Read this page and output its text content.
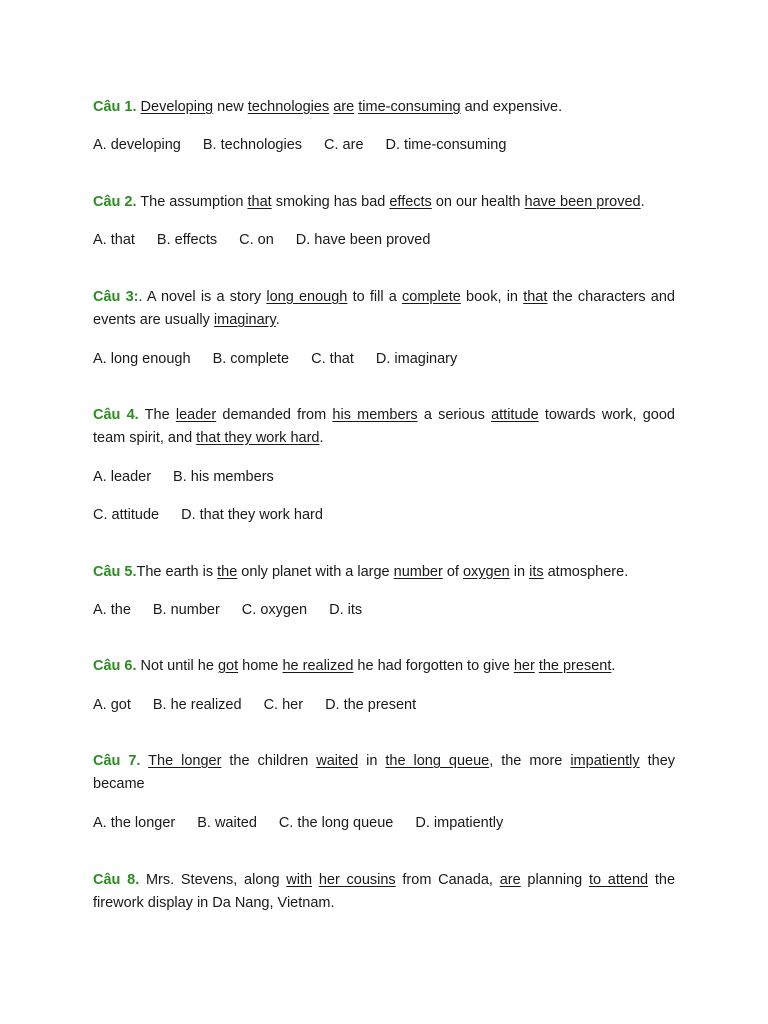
Câu 1. Developing new technologies are time-consuming and expensive.
A. developing B. technologies C. are D. time-consuming
Câu 2. The assumption that smoking has bad effects on our health have been proved.
A. that B. effects C. on D. have been proved
Câu 3:. A novel is a story long enough to fill a complete book, in that the characters and events are usually imaginary.
A. long enough B. complete C. that D. imaginary
Câu 4. The leader demanded from his members a serious attitude towards work, good team spirit, and that they work hard.
A. leader B. his members
C. attitude D. that they work hard
Câu 5.The earth is the only planet with a large number of oxygen in its atmosphere.
A. the B. number C. oxygen D. its
Câu 6. Not until he got home he realized he had forgotten to give her the present.
A. got B. he realized C. her D. the present
Câu 7. The longer the children waited in the long queue, the more impatiently they became
A. the longer B. waited C. the long queue D. impatiently
Câu 8. Mrs. Stevens, along with her cousins from Canada, are planning to attend the firework display in Da Nang, Vietnam.
